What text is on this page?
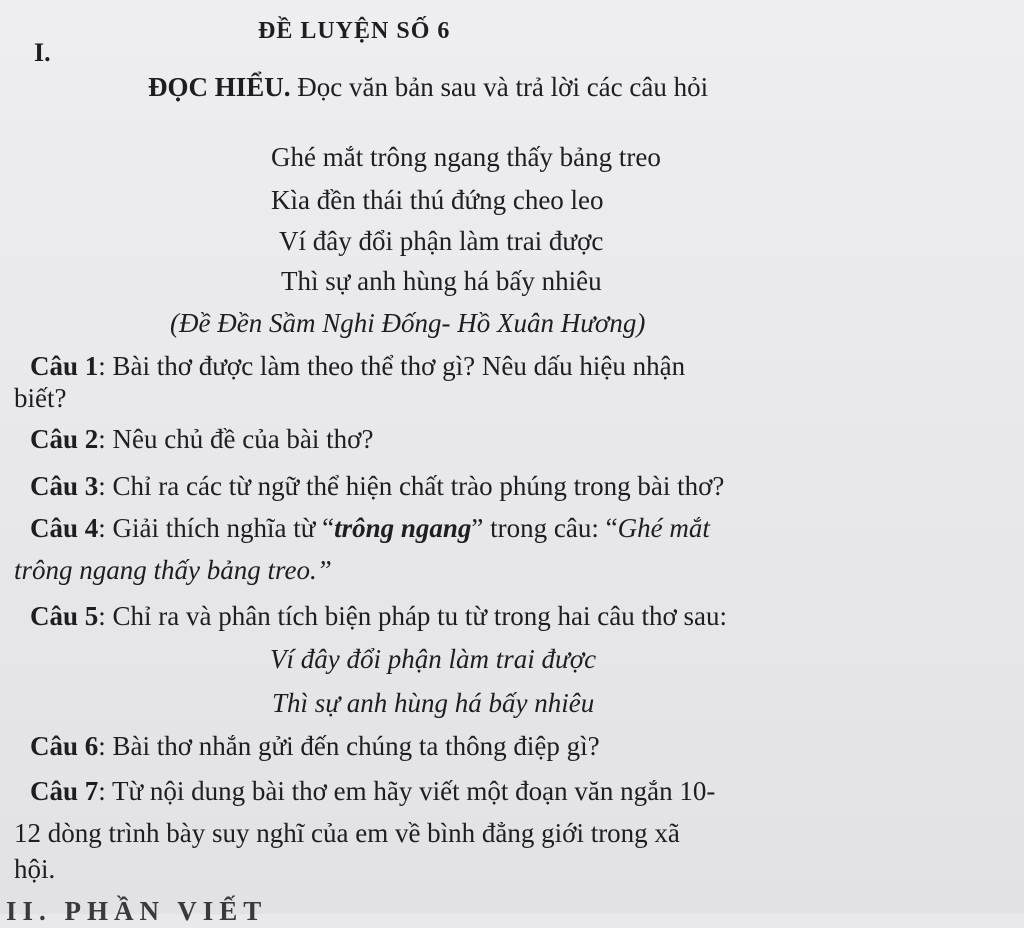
ĐỀ LUYỆN SỐ 6
I.
ĐỌC HIỂU. Đọc văn bản sau và trả lời các câu hỏi
Ghé mắt trông ngang thấy bảng treo
Kìa đền thái thú đứng cheo leo
Ví đây đổi phận làm trai được
Thì sự anh hùng há bấy nhiêu
(Đề Đền Sầm Nghi Đống- Hồ Xuân Hương)
Câu 1: Bài thơ được làm theo thể thơ gì? Nêu dấu hiệu nhận
biết?
Câu 2: Nêu chủ đề của bài thơ?
Câu 3: Chỉ ra các từ ngữ thể hiện chất trào phúng trong bài thơ?
Câu 4: Giải thích nghĩa từ “trông ngang” trong câu: “Ghé mắt
trông ngang thấy bảng treo.”
Câu 5: Chỉ ra và phân tích biện pháp tu từ trong hai câu thơ sau:
Ví đây đổi phận làm trai được
Thì sự anh hùng há bấy nhiêu
Câu 6: Bài thơ nhắn gửi đến chúng ta thông điệp gì?
Câu 7: Từ nội dung bài thơ em hãy viết một đoạn văn ngắn 10-
12 dòng trình bày suy nghĩ của em về bình đẳng giới trong xã
hội.
II. PHẦN VIẾT
